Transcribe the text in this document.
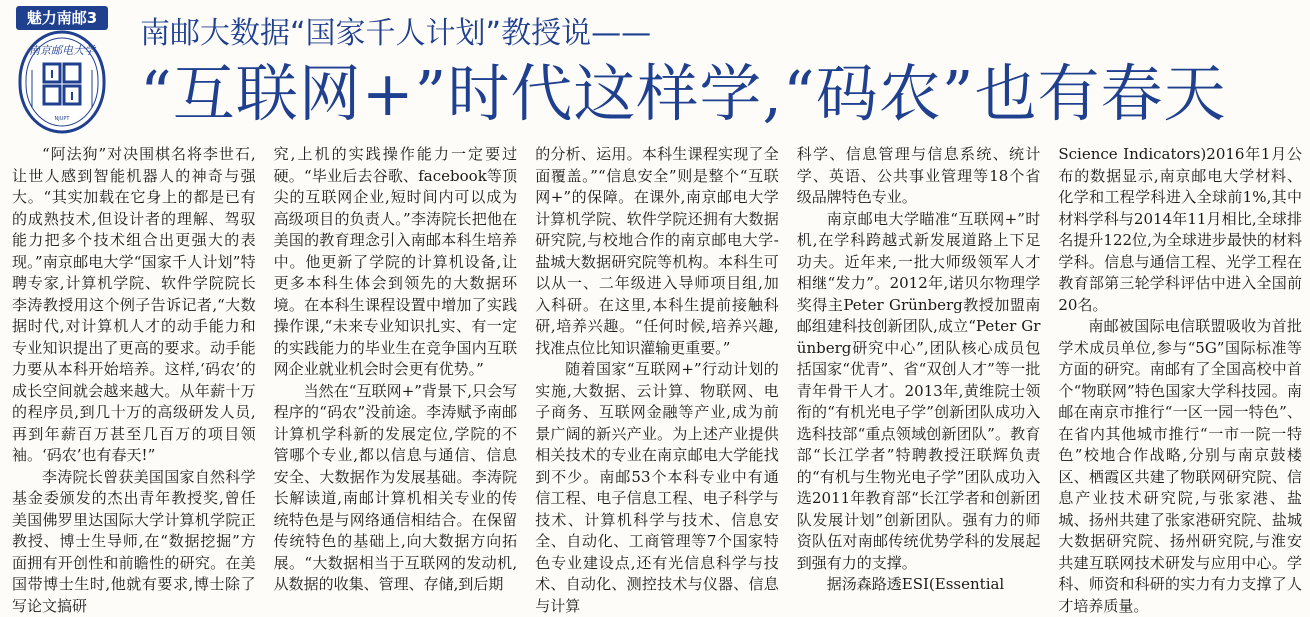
魅力南邮3
南京邮电大学
NJUPT
南邮大数据“国家千人计划”教授说——
“互联网+”时代这样学,“码农”也有春天

“阿法狗”对决围棋名将李世石,让世人感到智能机器人的神奇与强大。“其实加载在它身上的都是已有的成熟技术,但设计者的理解、驾驭能力把多个技术组合出更强大的表现。”南京邮电大学“国家千人计划”特聘专家,计算机学院、软件学院院长李涛教授用这个例子告诉记者,“大数据时代,对计算机人才的动手能力和专业知识提出了更高的要求。动手能力要从本科开始培养。这样,‘码农’的成长空间就会越来越大。从年薪十万的程序员,到几十万的高级研发人员,再到年薪百万甚至几百万的项目领袖。‘码农’也有春天!”

李涛院长曾获美国国家自然科学基金委颁发的杰出青年教授奖,曾任美国佛罗里达国际大学计算机学院正教授、博士生导师,在“数据挖掘”方面拥有开创性和前瞻性的研究。在美国带博士生时,他就有要求,博士除了写论文搞研

究,上机的实践操作能力一定要过硬。“毕业后去谷歌、facebook等顶尖的互联网企业,短时间内可以成为高级项目的负责人。”李涛院长把他在美国的教育理念引入南邮本科生培养中。他更新了学院的计算机设备,让更多本科生体会到领先的大数据环境。在本科生课程设置中增加了实践操作课,“未来专业知识扎实、有一定的实践能力的毕业生在竞争国内互联网企业就业机会时会更有优势。”

当然在“互联网+”背景下,只会写程序的“码农”没前途。李涛赋予南邮计算机学科新的发展定位,学院的不管哪个专业,都以信息与通信、信息安全、大数据作为发展基础。李涛院长解读道,南邮计算机相关专业的传统特色是与网络通信相结合。在保留传统特色的基础上,向大数据方向拓展。“大数据相当于互联网的发动机,从数据的收集、管理、存储,到后期

的分析、运用。本科生课程实现了全面覆盖。”“信息安全”则是整个“互联网+”的保障。在课外,南京邮电大学计算机学院、软件学院还拥有大数据研究院,与校地合作的南京邮电大学-盐城大数据研究院等机构。本科生可以从一、二年级进入导师项目组,加入科研。在这里,本科生提前接触科研,培养兴趣。“任何时候,培养兴趣,找准点位比知识灌输更重要。”

随着国家“互联网+”行动计划的实施,大数据、云计算、物联网、电子商务、互联网金融等产业,成为前景广阔的新兴产业。为上述产业提供相关技术的专业在南京邮电大学能找到不少。南邮53个本科专业中有通信工程、电子信息工程、电子科学与技术、计算机科学与技术、信息安全、自动化、工商管理等7个国家特色专业建设点,还有光信息科学与技术、自动化、测控技术与仪器、信息与计算

科学、信息管理与信息系统、统计学、英语、公共事业管理等18个省级品牌特色专业。

南京邮电大学瞄准“互联网+”时机,在学科跨越式新发展道路上下足功夫。近年来,一批大师级领军人才相继“发力”。2012年,诺贝尔物理学奖得主Peter Grünberg教授加盟南邮组建科技创新团队,成立“Peter Grünberg研究中心”,团队核心成员包括国家“优青”、省“双创人才”等一批青年骨干人才。2013年,黄维院士领衔的“有机光电子学”创新团队成功入选科技部“重点领域创新团队”。教育部“长江学者”特聘教授汪联辉负责的“有机与生物光电子学”团队成功入选2011年教育部“长江学者和创新团队发展计划”创新团队。强有力的师资队伍对南邮传统优势学科的发展起到强有力的支撑。

据汤森路透ESI(Essential

Science Indicators)2016年1月公布的数据显示,南京邮电大学材料、化学和工程学科进入全球前1%,其中材料学科与2014年11月相比,全球排名提升122位,为全球进步最快的材料学科。信息与通信工程、光学工程在教育部第三轮学科评估中进入全国前20名。

南邮被国际电信联盟吸收为首批学术成员单位,参与“5G”国际标准等方面的研究。南邮有了全国高校中首个“物联网”特色国家大学科技园。南邮在南京市推行“一区一园一特色”、在省内其他城市推行“一市一院一特色”校地合作战略,分别与南京鼓楼区、栖霞区共建了物联网研究院、信息产业技术研究院,与张家港、盐城、扬州共建了张家港研究院、盐城大数据研究院、扬州研究院,与淮安共建互联网技术研发与应用中心。学科、师资和科研的实力有力支撑了人才培养质量。
